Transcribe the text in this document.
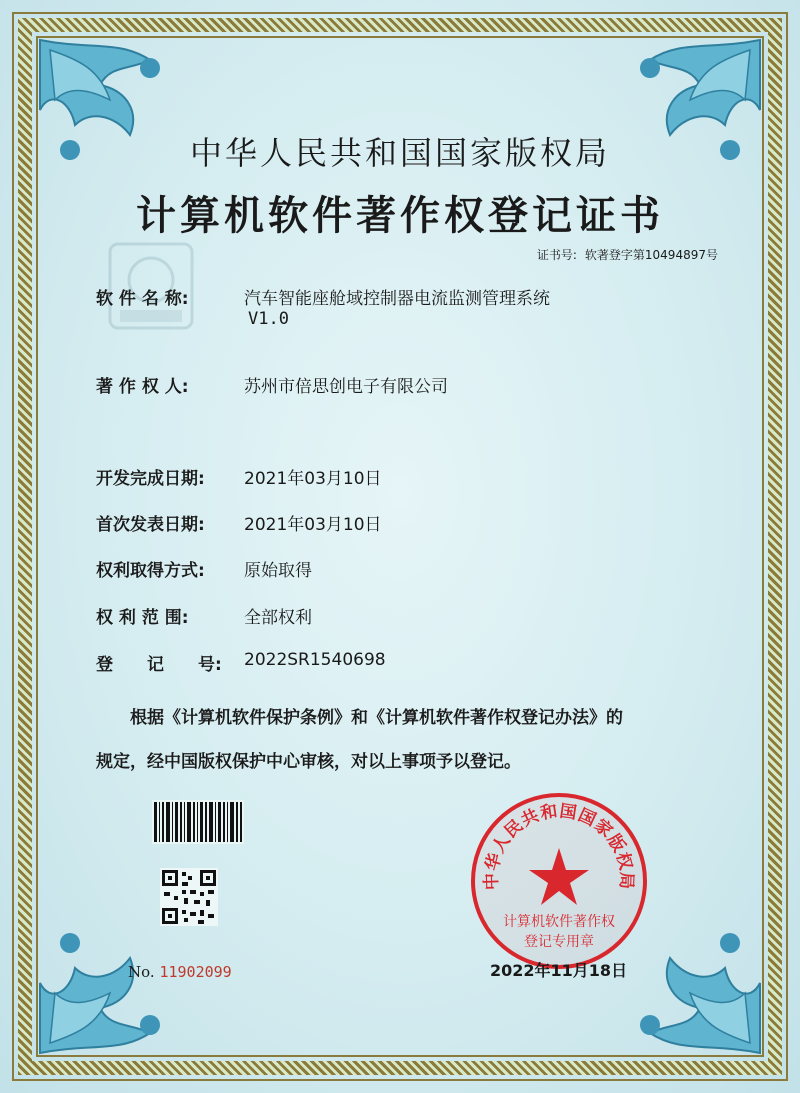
中华人民共和国国家版权局
计算机软件著作权登记证书
证书号: 软著登字第10494897号
软 件 名 称:	汽车智能座舱域控制器电流监测管理系统
V1.0
著 作 权 人:	苏州市倍思创电子有限公司
开发完成日期: 2021年03月10日
首次发表日期: 2021年03月10日
权利取得方式: 原始取得
权 利 范 围:	全部权利
登　　记　　号: 2022SR1540698
根据《计算机软件保护条例》和《计算机软件著作权登记办法》的
规定，经中国版权保护中心审核，对以上事项予以登记。
No. 11902099
中华人民共和国国家版权局
计算机软件著作权
登记专用章
2022年11月18日
